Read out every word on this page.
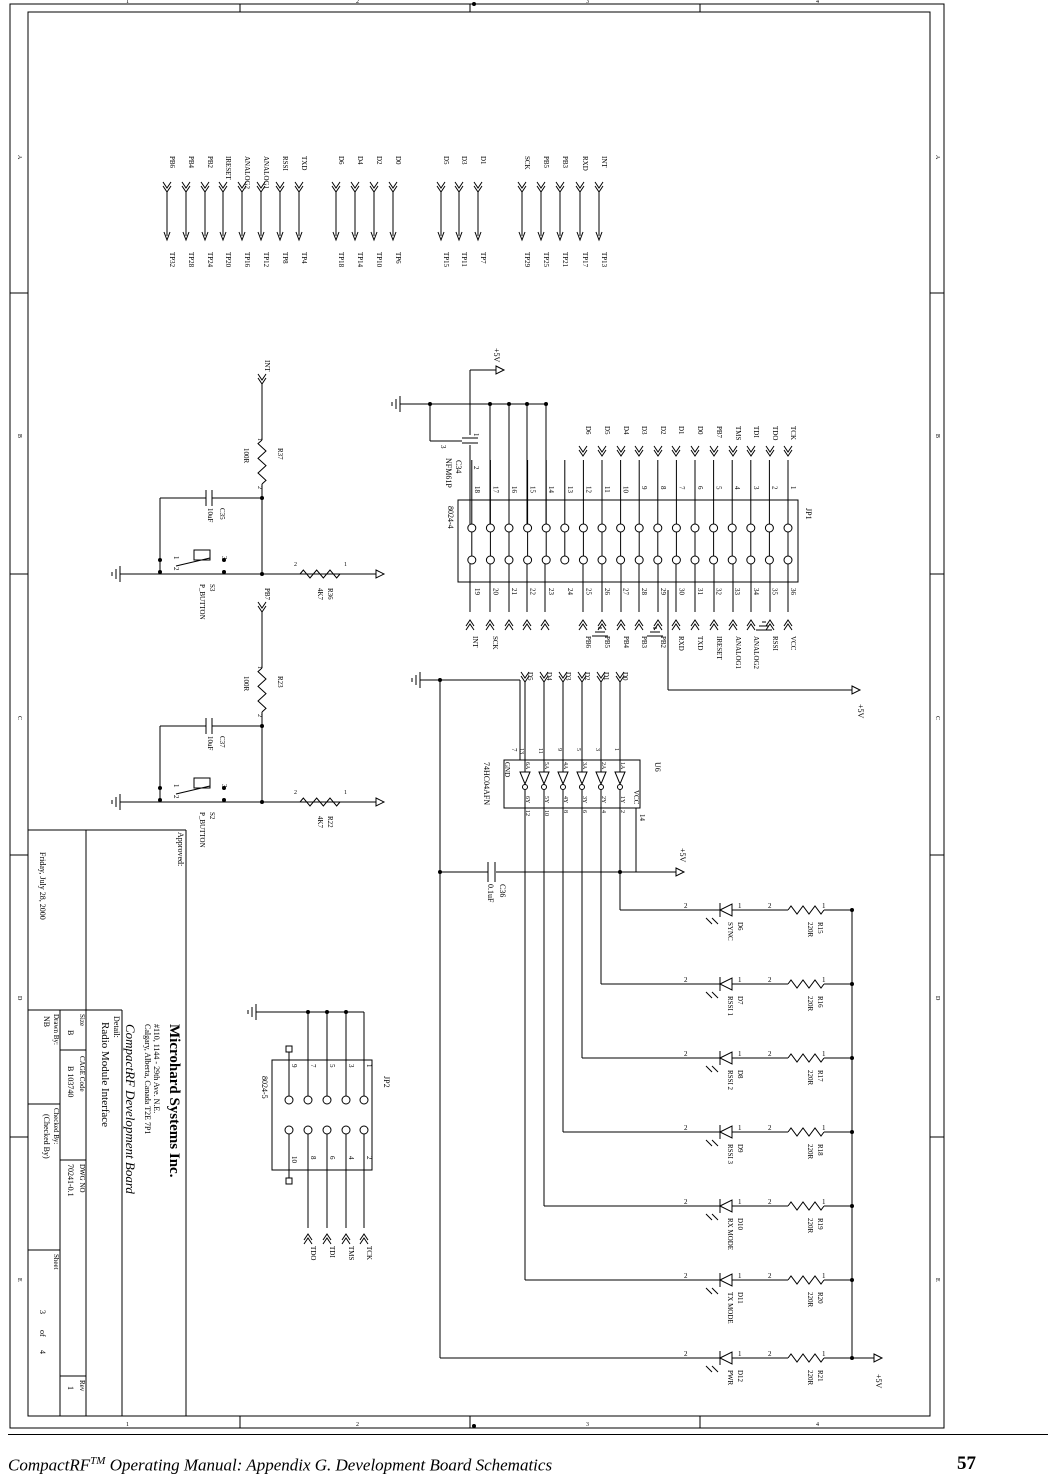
1
1
2
2
3
3
4
4
A	A
B	B
C	C
D	D
E	E
PB6
TP32
PB4
TP28
PB2
TP24
IRESET
TP20
ANALOG2
TP16
ANALOG1
TP12
RSSI
TP8
TXD
TP4
D6
TP18
D4
TP14
D2
TP10
D0
TP6
D5
TP15
D3
TP11
D1
TP7
SCK
TP29
PB5
TP25
PB3
TP21
RXD
TP17
INT
TP13
1
36
2
35
3
34
4
33
5
32
6
31
7
30
8
29
9
28
10
27
11
26
12
25
13
24
14
23
15
22
16
21
17
20
18
19
TCK
TDO
TDI
TMS
PB7
D0
D1
D2
D3
D4
D5
D6
VCC
RSSI
ANALOG2
ANALOG1
IRESET
TXD
RXD
PB2
PB3
PB4
PB5
PB6
SCK
INT
JP1
8024-4
C34
NFM61P
1
2
3
+5V
INT
R37
100R
1
2
C35
10uF
1
2
3
S3
P_BUTTON
2	1
R36
4K7
PB7
R23
100R
1
2
C37
10uF
1
2
3
S2
P_BUTTON
2	1
R22
4K7
D0
1
1A
1Y
2
D1
3
2A
2Y
4
D2
5
3A
3Y
6
D3
9
4A
4Y
8
D4
11
5A
5Y
10
D5
13
6A
6Y
12
U6
74HC04AFN GND
VCC
7
14
C36
0.1uF
+5V
2	1	2	1
D6
SYNC	R15
220R
2	1	2	1
D7
RSSI 1	R16
220R
2	1	2	1
D8
RSSI 2	R17
220R
2	1	2	1
D9
RSSI 3	R18
220R
2	1	2	1
D10
RX MODE	R19
220R
2	1	2	1
D11
TX MODE	R20
220R
2	1	2	1
D12
PWR	R21
220R	+5V
+5V
1
2
3
4
5
6
7
8
9
10
TCK
TMS
TDI
TDO
JP2
8024-5
Microhard Systems Inc.
#110, 1144 - 29th Ave. N.E.
Calgary, Alberta, Canada T2E 7P1
CompactRF Development Board
Detail:
Radio Module Interface
Approved:
Size
B
CAGE Code
B 103740
DWG NO
70241-0.1
Rev
1
Drawn By:
NB
Checked By:
(Checked By)
Sheet
3
of
4
Friday, July 28, 2000
CompactRF™ Operating Manual: Appendix G. Development Board Schematics	57
